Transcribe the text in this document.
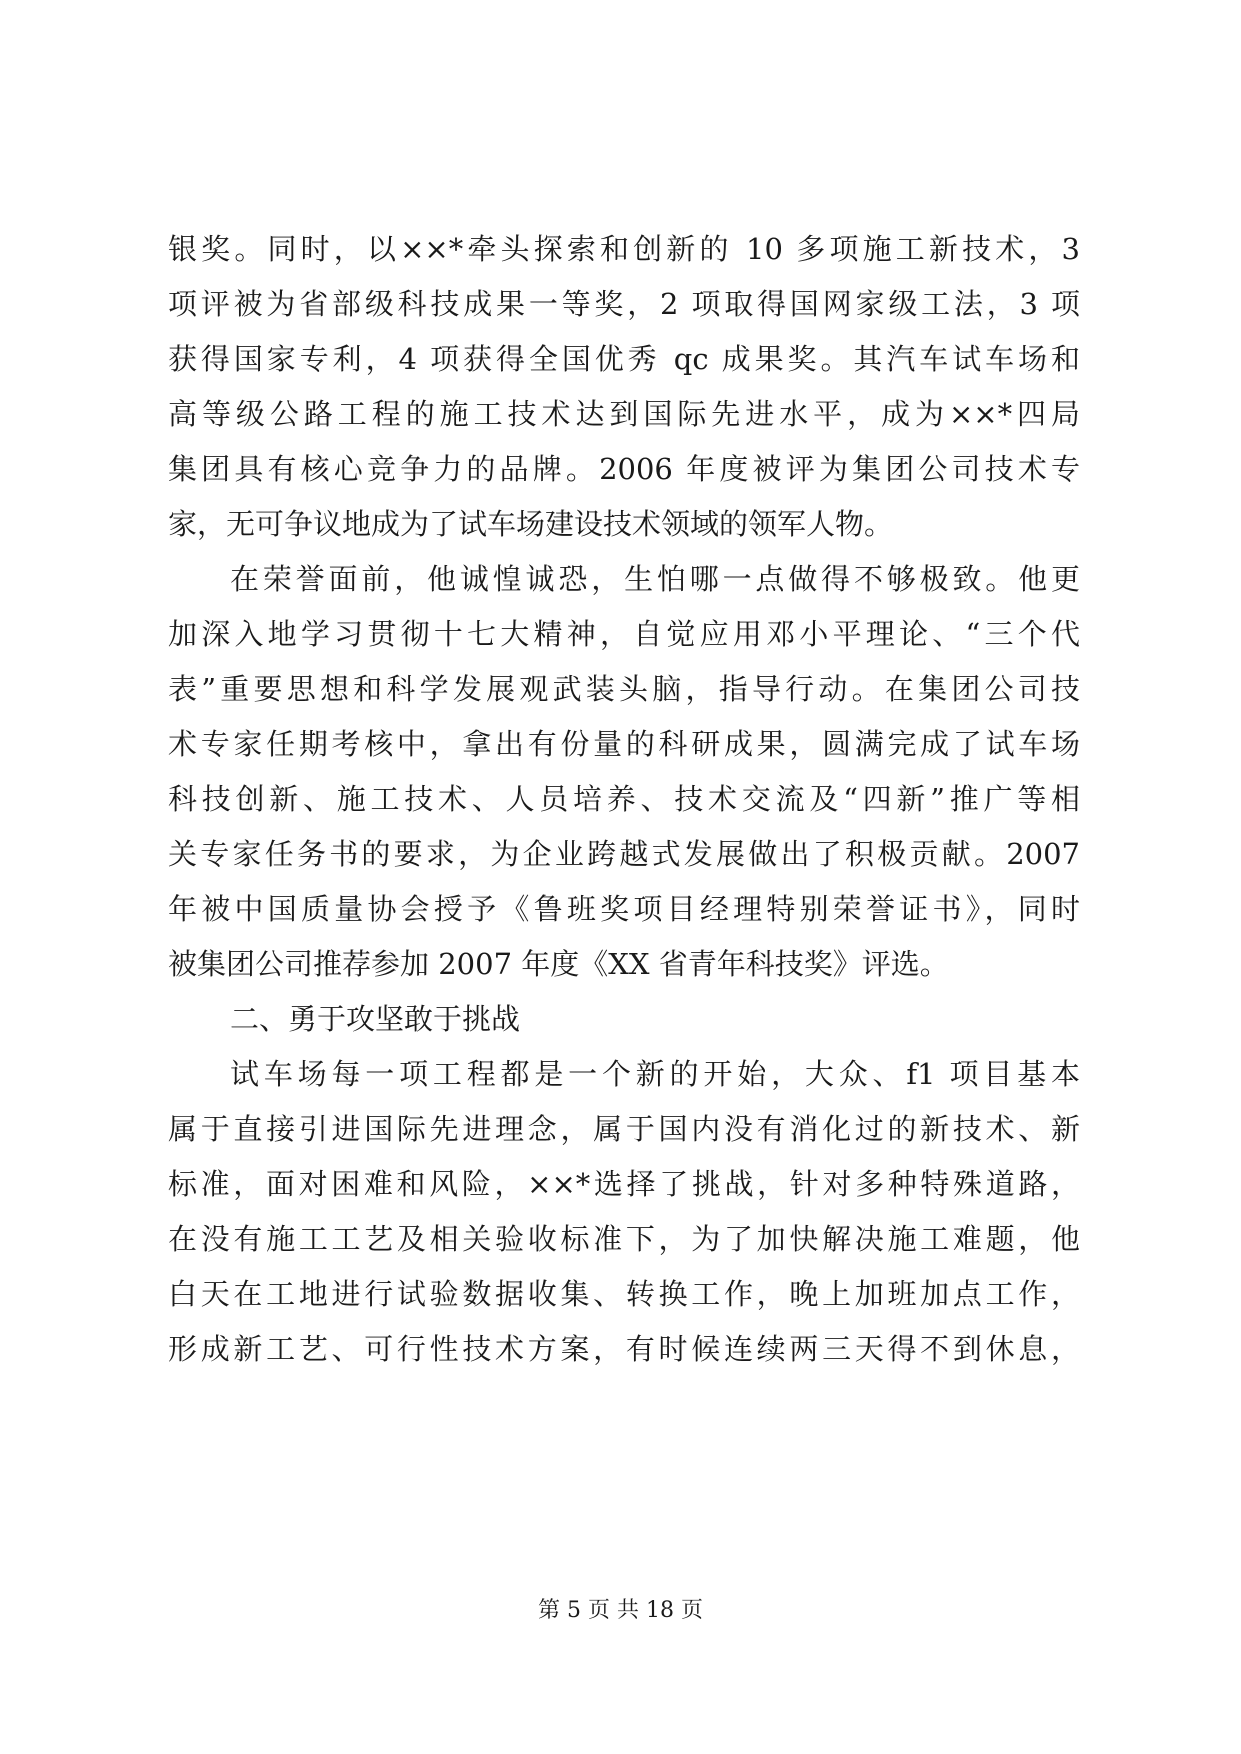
银奖。同时，以××*牵头探索和创新的 10 多项施工新技术，3
项评被为省部级科技成果一等奖，2 项取得国网家级工法，3 项
获得国家专利，4 项获得全国优秀 qc 成果奖。其汽车试车场和
高等级公路工程的施工技术达到国际先进水平，成为××*四局
集团具有核心竞争力的品牌。2006 年度被评为集团公司技术专
家，无可争议地成为了试车场建设技术领域的领军人物。
在荣誉面前，他诚惶诚恐，生怕哪一点做得不够极致。他更
加深入地学习贯彻十七大精神，自觉应用邓小平理论、“三个代
表”重要思想和科学发展观武装头脑，指导行动。在集团公司技
术专家任期考核中，拿出有份量的科研成果，圆满完成了试车场
科技创新、施工技术、人员培养、技术交流及“四新”推广等相
关专家任务书的要求，为企业跨越式发展做出了积极贡献。2007
年被中国质量协会授予《鲁班奖项目经理特别荣誉证书》，同时
被集团公司推荐参加 2007 年度《XX 省青年科技奖》评选。
二、勇于攻坚敢于挑战
试车场每一项工程都是一个新的开始，大众、f1 项目基本
属于直接引进国际先进理念，属于国内没有消化过的新技术、新
标准，面对困难和风险，××*选择了挑战，针对多种特殊道路，
在没有施工工艺及相关验收标准下，为了加快解决施工难题，他
白天在工地进行试验数据收集、转换工作，晚上加班加点工作，
形成新工艺、可行性技术方案，有时候连续两三天得不到休息，
第 5 页 共 18 页
